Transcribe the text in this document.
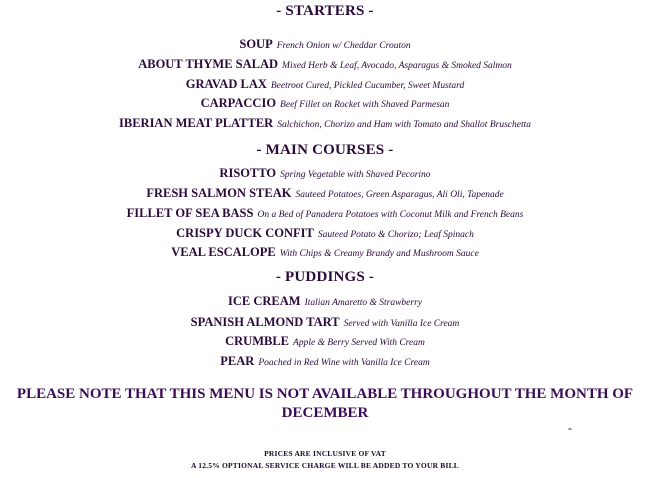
- STARTERS -
SOUP French Onion w/ Cheddar Crouton
ABOUT THYME SALAD Mixed Herb & Leaf, Avocado, Asparagus & Smoked Salmon
GRAVAD LAX Beetroot Cured, Pickled Cucumber, Sweet Mustard
CARPACCIO Beef Fillet on Rocket with Shaved Parmesan
IBERIAN MEAT PLATTER Salchichon, Chorizo and Ham with Tomato and Shallot Bruschetta
- MAIN COURSES -
RISOTTO Spring Vegetable with Shaved Pecorino
FRESH SALMON STEAK Sauteed Potatoes, Green Asparagus, Ali Oli, Tapenade
FILLET OF SEA BASS On a Bed of Panadera Potatoes with Coconut Milk and French Beans
CRISPY DUCK CONFIT Sauteed Potato & Chorizo; Leaf Spinach
VEAL ESCALOPE With Chips & Creamy Brandy and Mushroom Sauce
- PUDDINGS -
ICE CREAM Italian Amaretto & Strawberry
SPANISH ALMOND TART Served with Vanilla Ice Cream
CRUMBLE Apple & Berry Served With Cream
PEAR Poached in Red Wine with Vanilla Ice Cream
PLEASE NOTE THAT THIS MENU IS NOT AVAILABLE THROUGHOUT THE MONTH OF
DECEMBER
-
PRICES ARE INCLUSIVE OF VAT
A 12.5% OPTIONAL SERVICE CHARGE WILL BE ADDED TO YOUR BILL
